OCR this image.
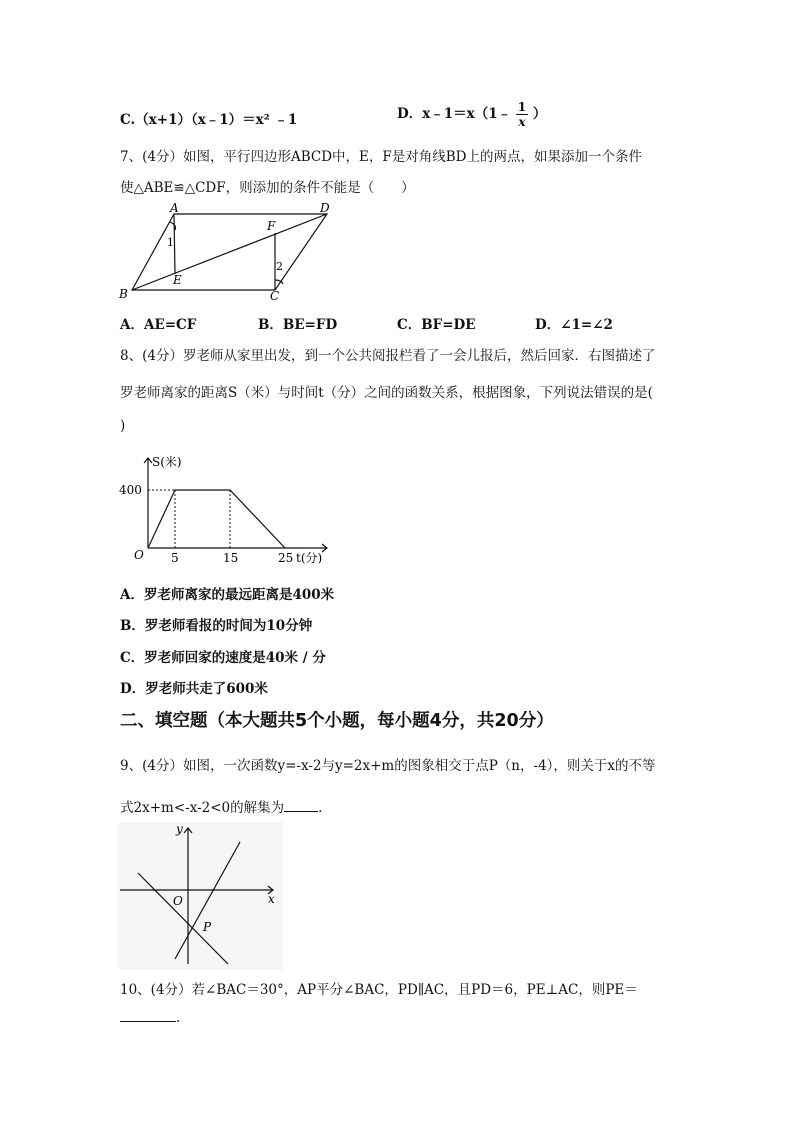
C.（x+1）（x﹣1）＝x² ﹣1	D．x﹣1＝x（1﹣ $\frac{1}{x}$ ）
7、(4分）如图，平行四边形ABCD中，E，F是对角线BD上的两点，如果添加一个条件
使△ABE≌△CDF，则添加的条件不能是（　　）
A	D
B	C
E
F
1
2
A．AE=CF	B．BE=FD	C．BF=DE	D．∠1=∠2
8、(4分）罗老师从家里出发，到一个公共阅报栏看了一会儿报后，然后回家．右图描述了
罗老师离家的距离S（米）与时间t（分）之间的函数关系，根据图象，下列说法错误的是(
)
S(米)
t(分)
O
400
5	15	25
A．罗老师离家的最远距离是400米
B．罗老师看报的时间为10分钟
C．罗老师回家的速度是40米 / 分
D．罗老师共走了600米
二、填空题（本大题共5个小题，每小题4分，共20分）
9、(4分）如图，一次函数y=-x-2与y=2x+m的图象相交于点P（n，-4），则关于x的不等
式2x+m<-x-2<0的解集为	.
y
x
O
P
10、(4分）若∠BAC＝30°，AP平分∠BAC，PD∥AC，且PD＝6，PE⊥AC，则PE＝
.
